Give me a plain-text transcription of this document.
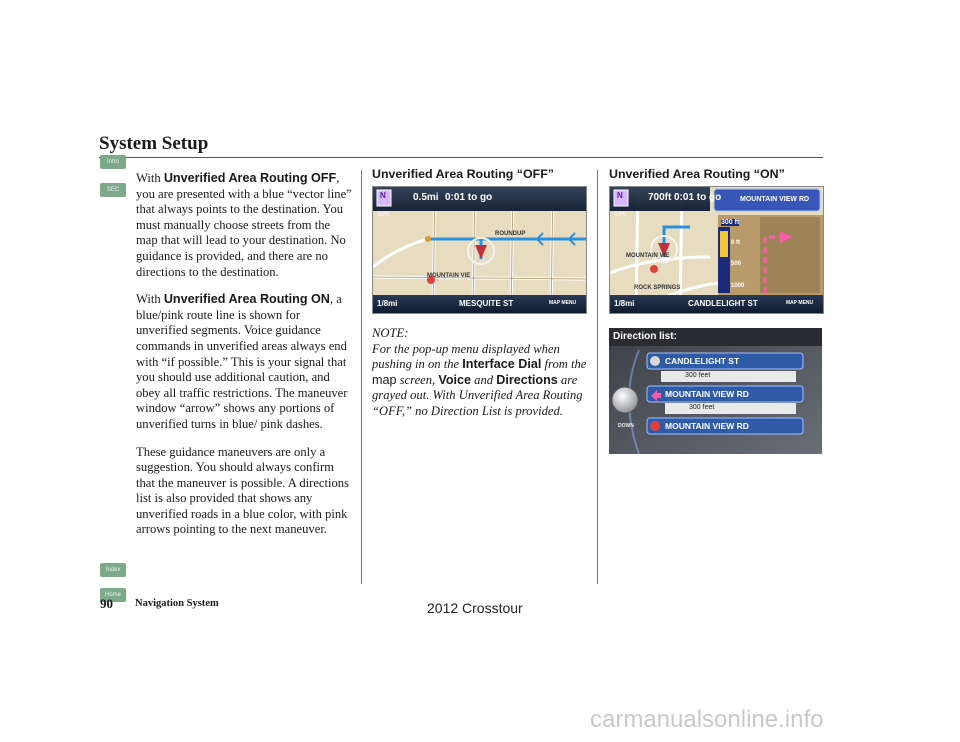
System Setup
Intro
SEC
Index
Home

With Unverified Area Routing OFF, you are presented with a blue “vector line” that always points to the destination. You must manually choose streets from the map that will lead to your destination. No guidance is provided, and there are no directions to the destination.

With Unverified Area Routing ON, a blue/pink route line is shown for unverified segments. Voice guidance commands in unverified areas always end with “if possible.” This is your signal that you should use additional caution, and obey all traffic restrictions. The maneuver window “arrow” shows any portions of unverified turns in blue/ pink dashes.

These guidance maneuvers are only a suggestion. You should always confirm that the maneuver is possible. A directions list is also provided that shows any unverified roads in a blue color, with pink arrows pointing to the next maneuver.

Unverified Area Routing “OFF”
N	0.5mi 0:01 to go
GPS
ROUNDUP
MOUNTAIN VIE
1/8mi	MESQUITE ST	MAP MENU
NOTE:
For the pop-up menu displayed when pushing in on the Interface Dial from the map screen, Voice and Directions are grayed out. With Unverified Area Routing “OFF,” no Direction List is provided.
Unverified Area Routing “ON”
N	700ft 0:01 to go
GPS
MOUNTAIN VIEW RD
300 ft
0 ft
500
1000
MOUNTAIN VIE
ROCK SPRINGS
1/8mi	CANDLELIGHT ST	MAP MENU
Direction list:
DOWN
CANDLELIGHT ST
300 feet
MOUNTAIN VIEW RD
300 feet
MOUNTAIN VIEW RD
90 Navigation System	2012 Crosstour
carmanualsonline.info
